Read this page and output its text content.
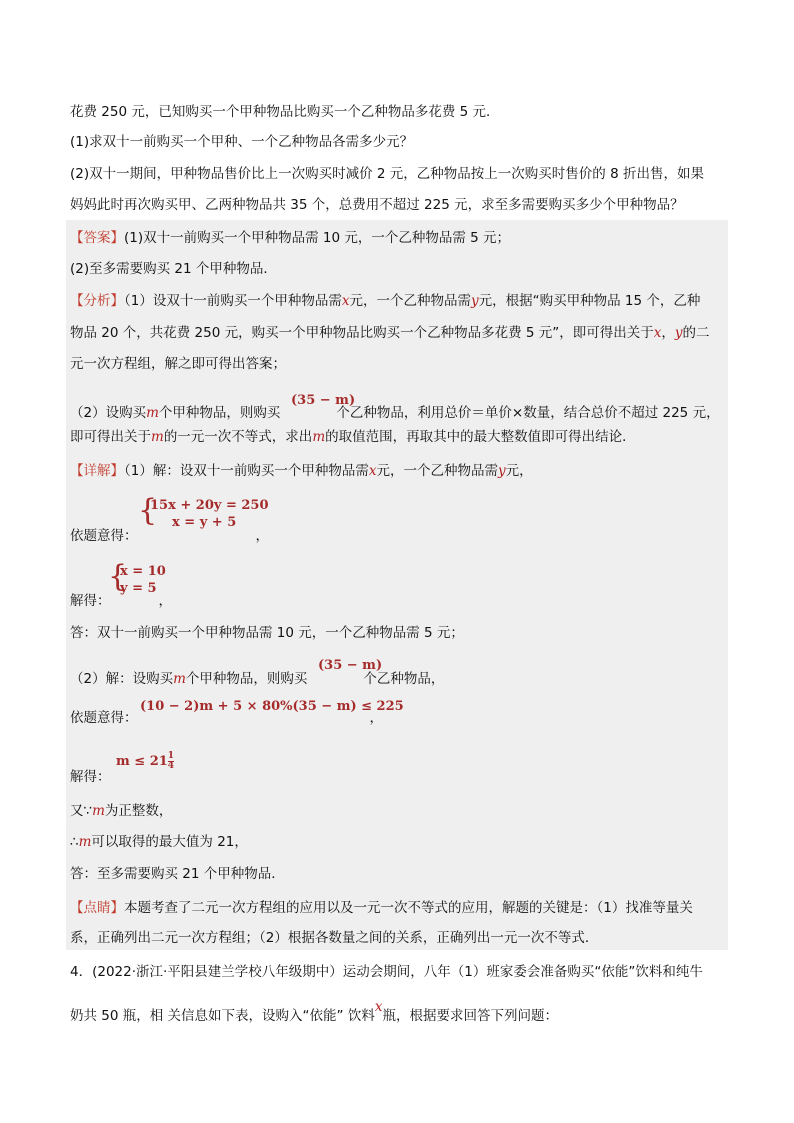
花费 250 元，已知购买一个甲种物品比购买一个乙种物品多花费 5 元．
(1)求双十一前购买一个甲种、一个乙种物品各需多少元？
(2)双十一期间，甲种物品售价比上一次购买时减价 2 元，乙种物品按上一次购买时售价的 8 折出售，如果
妈妈此时再次购买甲、乙两种物品共 35 个，总费用不超过 225 元，求至多需要购买多少个甲种物品？
【答案】(1)双十一前购买一个甲种物品需 10 元，一个乙种物品需 5 元；
(2)至多需要购买 21 个甲种物品．
【分析】（1）设双十一前购买一个甲种物品需x元，一个乙种物品需y元，根据“购买甲种物品 15 个，乙种
物品 20 个，共花费 250 元，购买一个甲种物品比购买一个乙种物品多花费 5 元”，即可得出关于x，y的二
元一次方程组，解之即可得出答案；
(35 − m)
（2）设购买m个甲种物品，则购买	个乙种物品，利用总价＝单价×数量，结合总价不超过 225 元，
即可得出关于m的一元一次不等式，求出m的取值范围，再取其中的最大整数值即可得出结论．
【详解】（1）解：设双十一前购买一个甲种物品需x元，一个乙种物品需y元，
{
15x + 20y = 250
x = y + 5
依题意得：	，
{
x = 10
y = 5
解得：	，
答：双十一前购买一个甲种物品需 10 元，一个乙种物品需 5 元；
(35 − m)
（2）解：设购买m个甲种物品，则购买	个乙种物品，
(10 − 2)m + 5 × 80%(35 − m) ≤ 225
依题意得：	，
$m \le 21 \frac{1}{4}$
解得：
又∵m为正整数，
∴m可以取得的最大值为 21，
答：至多需要购买 21 个甲种物品．
【点睛】本题考查了二元一次方程组的应用以及一元一次不等式的应用，解题的关键是：（1）找准等量关
系，正确列出二元一次方程组；（2）根据各数量之间的关系，正确列出一元一次不等式．
4．(2022·浙江·平阳县建兰学校八年级期中）运动会期间，八年（1）班家委会准备购买“依能”饮料和纯牛
奶共 50 瓶，相 关信息如下表，设购入“依能” 饮料x瓶，根据要求回答下列问题：
